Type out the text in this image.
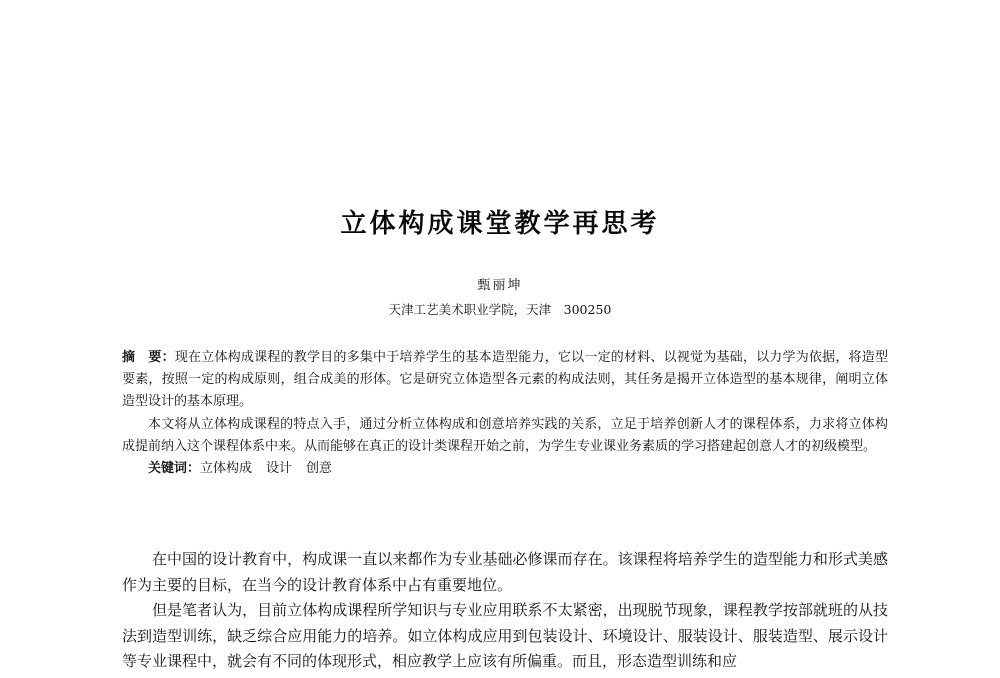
立体构成课堂教学再思考
甄丽坤
天津工艺美术职业学院，天津　300250

摘　要：现在立体构成课程的教学目的多集中于培养学生的基本造型能力，它以一定的材料、以视觉为基础，以力学为依据，将造型要素，按照一定的构成原则，组合成美的形体。它是研究立体造型各元素的构成法则，其任务是揭开立体造型的基本规律，阐明立体造型设计的基本原理。

本文将从立体构成课程的特点入手，通过分析立体构成和创意培养实践的关系，立足于培养创新人才的课程体系，力求将立体构成提前纳入这个课程体系中来。从而能够在真正的设计类课程开始之前，为学生专业课业务素质的学习搭建起创意人才的初级模型。

关键词：立体构成 设计 创意

在中国的设计教育中，构成课一直以来都作为专业基础必修课而存在。该课程将培养学生的造型能力和形式美感作为主要的目标，在当今的设计教育体系中占有重要地位。

但是笔者认为，目前立体构成课程所学知识与专业应用联系不太紧密，出现脱节现象，课程教学按部就班的从技法到造型训练，缺乏综合应用能力的培养。如立体构成应用到包装设计、环境设计、服装设计、服装造型、展示设计等专业课程中，就会有不同的体现形式，相应教学上应该有所偏重。而且，形态造型训练和应
